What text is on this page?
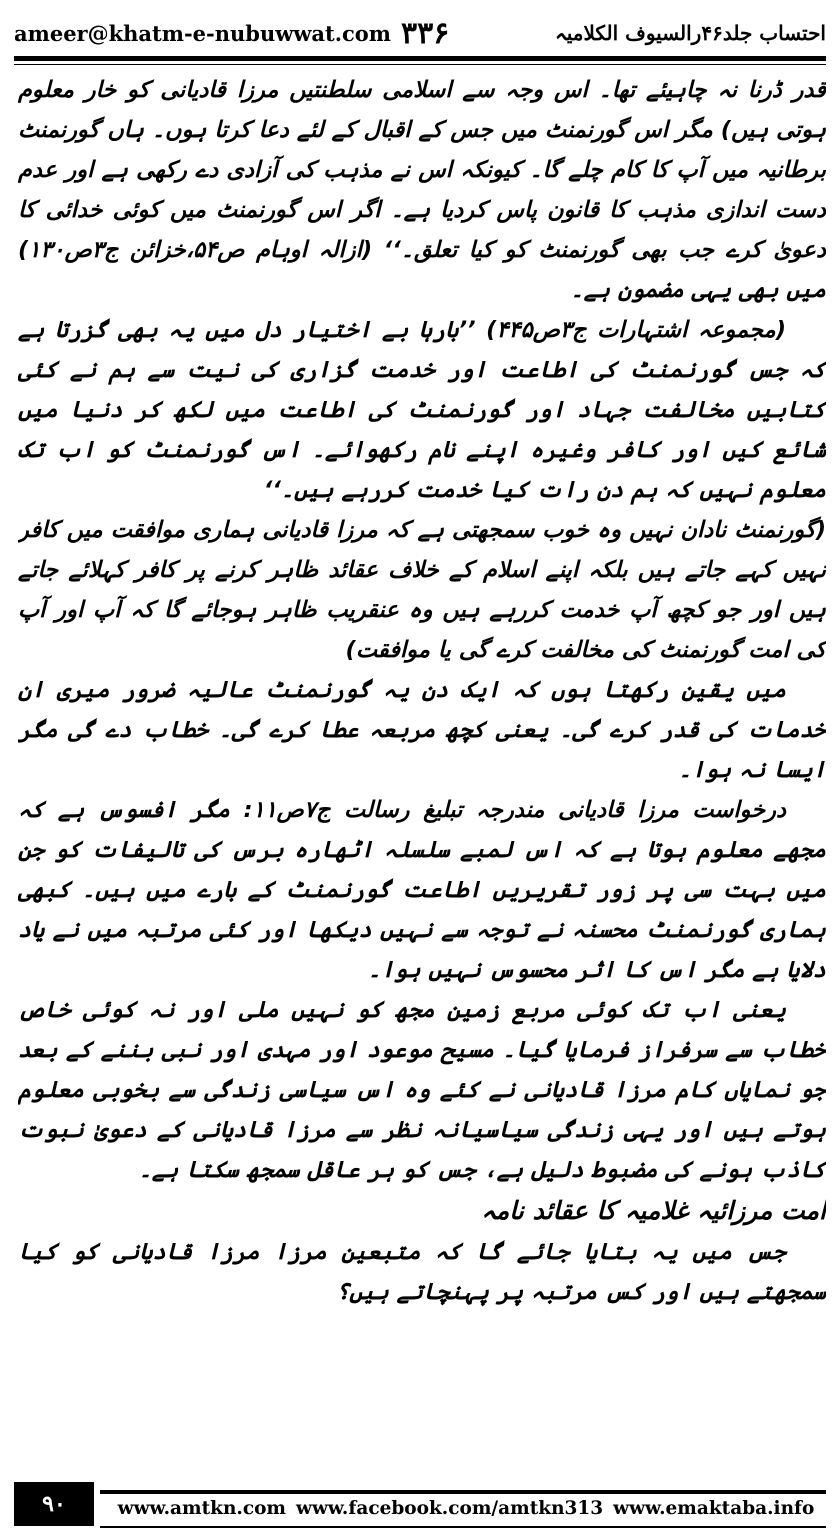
ameer@khatm-e-nubuwwat.com ۳۳۶	احتساب جلد۴۶رالسیوف الکلامیہ

قدر ڈرنا نہ چاہیئے تھا۔ اس وجہ سے اسلامی سلطنتیں مرزا قادیانی کو خار معلوم ہوتی ہیں) مگر اس گورنمنٹ میں جس کے اقبال کے لئے دعا کرتا ہوں۔ ہاں گورنمنٹ برطانیہ میں آپ کا کام چلے گا۔ کیونکہ اس نے مذہب کی آزادی دے رکھی ہے اور عدم دست اندازی مذہب کا قانون پاس کردیا ہے۔ اگر اس گورنمنٹ میں کوئی خدائی کا دعویٰ کرے جب بھی گورنمنٹ کو کیا تعلق۔‘‘ (ازالہ اوہام ص۵۴،خزائن ج۳ص۱۳۰) میں بھی یہی مضمون ہے۔

(مجموعہ اشتہارات ج۳ص۴۴۵) ’’بارہا بے اختیار دل میں یہ بھی گزرتا ہے کہ جس گورنمنٹ کی اطاعت اور خدمت گزاری کی نیت سے ہم نے کئی کتابیں مخالفت جہاد اور گورنمنٹ کی اطاعت میں لکھ کر دنیا میں شائع کیں اور کافر وغیرہ اپنے نام رکھوائے۔ اس گورنمنٹ کو اب تک معلوم نہیں کہ ہم دن رات کیا خدمت کررہے ہیں۔‘‘

(گورنمنٹ نادان نہیں وہ خوب سمجھتی ہے کہ مرزا قادیانی ہماری موافقت میں کافر نہیں کہے جاتے ہیں بلکہ اپنے اسلام کے خلاف عقائد ظاہر کرنے پر کافر کہلائے جاتے ہیں اور جو کچھ آپ خدمت کررہے ہیں وہ عنقریب ظاہر ہوجائے گا کہ آپ اور آپ کی امت گورنمنٹ کی مخالفت کرے گی یا موافقت)

میں یقین رکھتا ہوں کہ ایک دن یہ گورنمنٹ عالیہ ضرور میری ان خدمات کی قدر کرے گی۔ یعنی کچھ مربعہ عطا کرے گی۔ خطاب دے گی مگر ایسا نہ ہوا۔

درخواست مرزا قادیانی مندرجہ تبلیغ رسالت ج۷ص۱۱: مگر افسوس ہے کہ مجھے معلوم ہوتا ہے کہ اس لمبے سلسلہ اٹھارہ برس کی تالیفات کو جن میں بہت سی پر زور تقریریں اطاعت گورنمنٹ کے بارے میں ہیں۔ کبھی ہماری گورنمنٹ محسنہ نے توجہ سے نہیں دیکھا اور کئی مرتبہ میں نے یاد دلایا ہے مگر اس کا اثر محسوس نہیں ہوا۔

یعنی اب تک کوئی مربع زمین مجھ کو نہیں ملی اور نہ کوئی خاص خطاب سے سرفراز فرمایا گیا۔ مسیح موعود اور مہدی اور نبی بننے کے بعد جو نمایاں کام مرزا قادیانی نے کئے وہ اس سیاسی زندگی سے بخوبی معلوم ہوتے ہیں اور یہی زندگی سیاسیانہ نظر سے مرزا قادیانی کے دعویٰ نبوت کاذب ہونے کی مضبوط دلیل ہے، جس کو ہر عاقل سمجھ سکتا ہے۔

امت مرزائیہ غلامیہ کا عقائد نامہ

جس میں یہ بتایا جائے گا کہ متبعین مرزا مرزا قادیانی کو کیا سمجھتے ہیں اور کس مرتبہ پر پہنچاتے ہیں؟

۹۰	www.amtkn.com www.facebook.com/amtkn313 www.emaktaba.info
